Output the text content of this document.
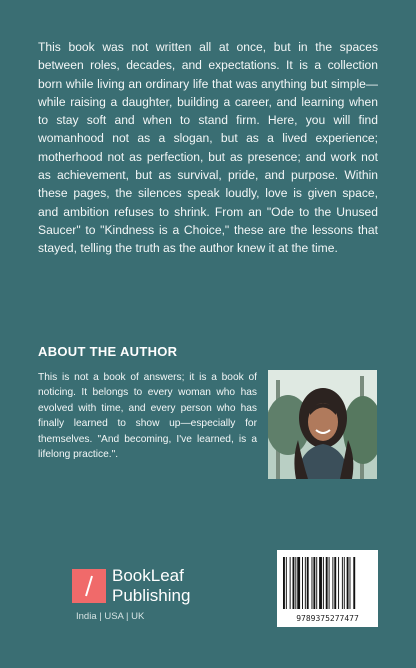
This book was not written all at once, but in the spaces between roles, decades, and expectations. It is a collection born while living an ordinary life that was anything but simple—while raising a daughter, building a career, and learning when to stay soft and when to stand firm. Here, you will find womanhood not as a slogan, but as a lived experience; motherhood not as perfection, but as presence; and work not as achievement, but as survival, pride, and purpose. Within these pages, the silences speak loudly, love is given space, and ambition refuses to shrink. From an "Ode to the Unused Saucer" to "Kindness is a Choice," these are the lessons that stayed, telling the truth as the author knew it at the time.

ABOUT THE AUTHOR

This is not a book of answers; it is a book of noticing. It belongs to every woman who has evolved with time, and every person who has finally learned to show up—especially for themselves. "And becoming, I've learned, is a lifelong practice.".

BookLeaf

Publishing

India | USA | UK	9789375277477
